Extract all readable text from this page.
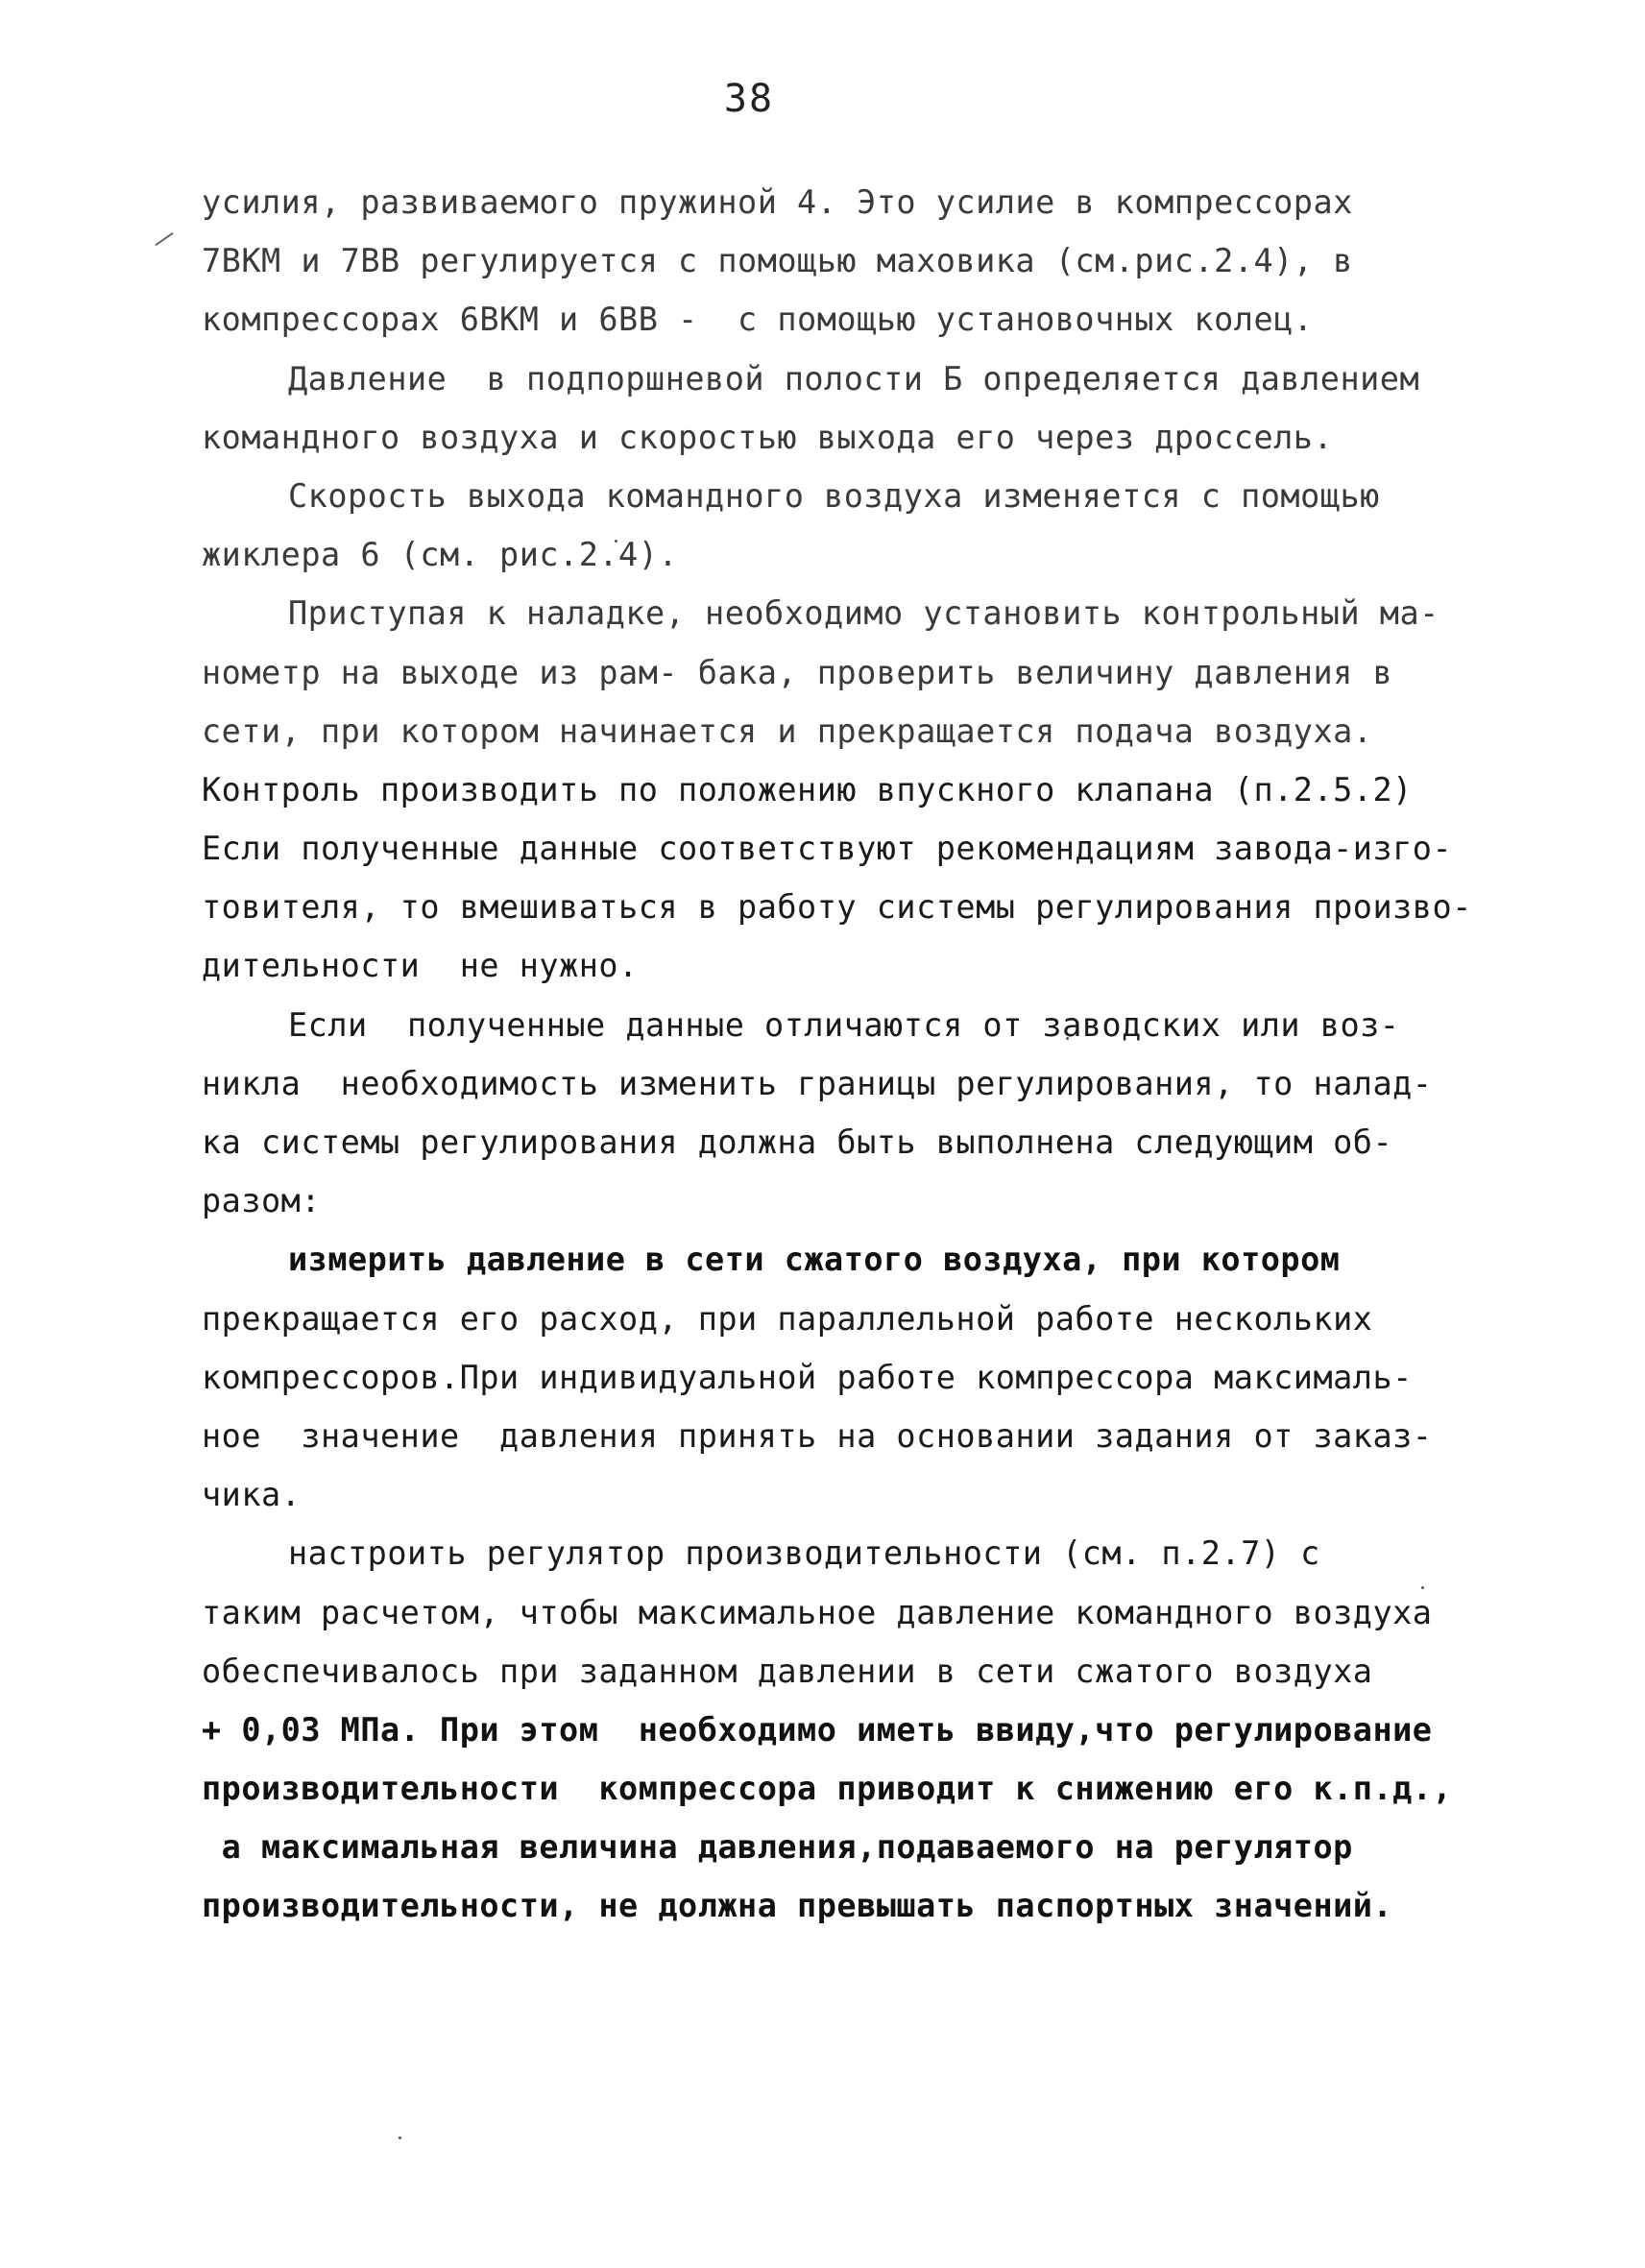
38
усилия, развиваемого пружиной 4. Это усилие в компрессорах
7ВКМ и 7ВВ регулируется с помощью маховика (см.рис.2.4), в
компрессорах 6ВКМ и 6ВВ -  с помощью установочных колец.
Давление  в подпоршневой полости Б определяется давлением
командного воздуха и скоростью выхода его через дроссель.
Скорость выхода командного воздуха изменяется с помощью
жиклера 6 (см. рис.2.4).
Приступая к наладке, необходимо установить контрольный ма-
нометр на выходе из рам- бака, проверить величину давления в
сети, при котором начинается и прекращается подача воздуха.
Контроль производить по положению впускного клапана (п.2.5.2)
Если полученные данные соответствуют рекомендациям завода-изго-
товителя, то вмешиваться в работу системы регулирования произво-
дительности  не нужно.
Если  полученные данные отличаются от заводских или воз-
никла  необходимость изменить границы регулирования, то налад-
ка системы регулирования должна быть выполнена следующим об-
разом:
измерить давление в сети сжатого воздуха, при котором
прекращается его расход, при параллельной работе нескольких
компрессоров.При индивидуальной работе компрессора максималь-
ное  значение  давления принять на основании задания от заказ-
чика.
настроить регулятор производительности (см. п.2.7) с
таким расчетом, чтобы максимальное давление командного воздуха
обеспечивалось при заданном давлении в сети сжатого воздуха
+ 0,03 МПа. При этом  необходимо иметь ввиду,что регулирование
производительности  компрессора приводит к снижению его к.п.д.,
а максимальная величина давления,подаваемого на регулятор
производительности, не должна превышать паспортных значений.
